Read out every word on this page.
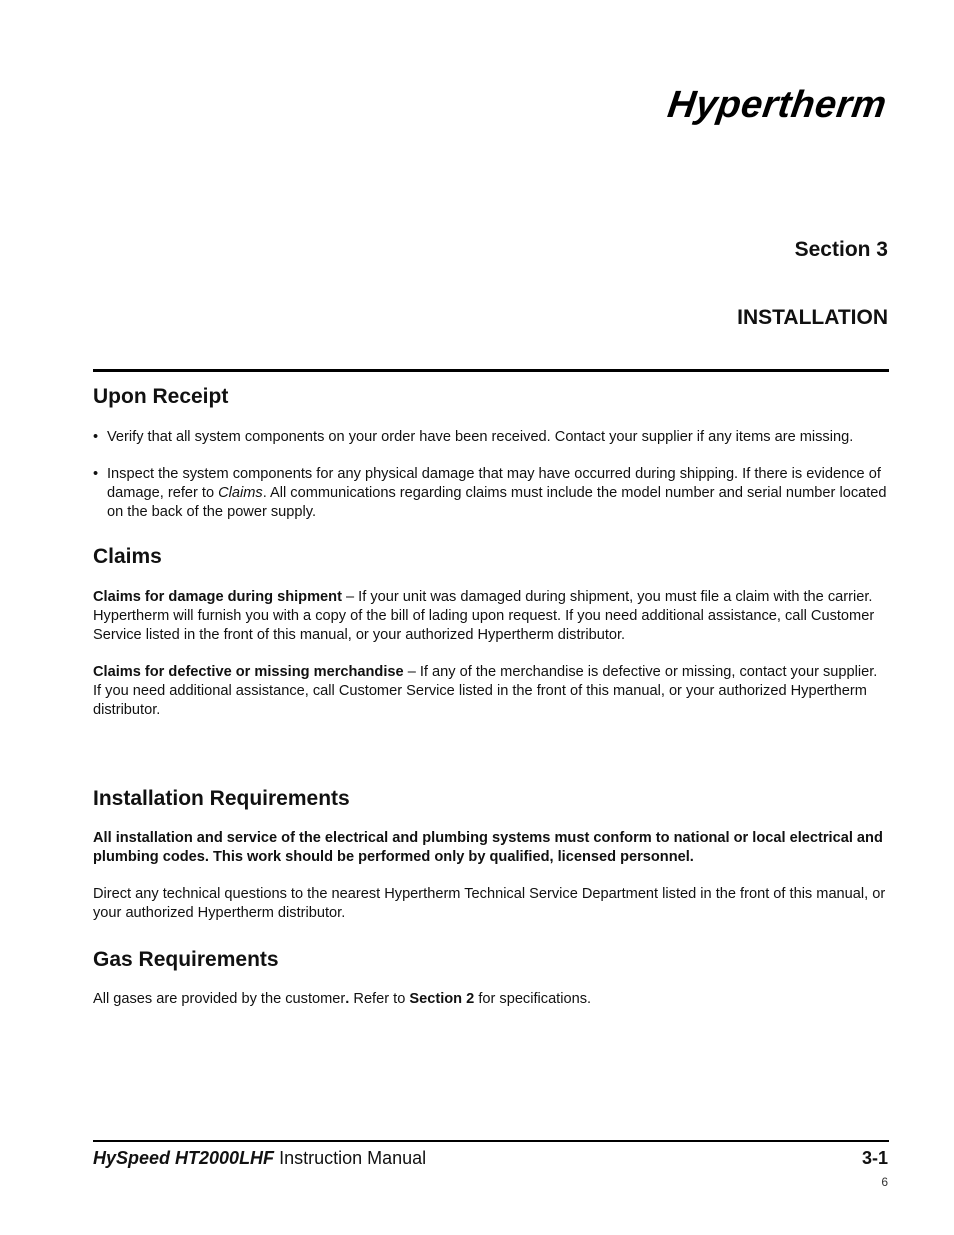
Hypertherm
Section 3
INSTALLATION
Upon Receipt
• Verify that all system components on your order have been received. Contact your supplier if any items are missing.
• Inspect the system components for any physical damage that may have occurred during shipping. If there is evidence of damage, refer to Claims. All communications regarding claims must include the model number and serial number located on the back of the power supply.
Claims

Claims for damage during shipment – If your unit was damaged during shipment, you must file a claim with the carrier. Hypertherm will furnish you with a copy of the bill of lading upon request. If you need additional assistance, call Customer Service listed in the front of this manual, or your authorized Hypertherm distributor.

Claims for defective or missing merchandise – If any of the merchandise is defective or missing, contact your supplier. If you need additional assistance, call Customer Service listed in the front of this manual, or your authorized Hypertherm distributor.

Installation Requirements

All installation and service of the electrical and plumbing systems must conform to national or local electrical and plumbing codes. This work should be performed only by qualified, licensed personnel.

Direct any technical questions to the nearest Hypertherm Technical Service Department listed in the front of this manual, or your authorized Hypertherm distributor.

Gas Requirements

All gases are provided by the customer. Refer to Section 2 for specifications.

HySpeed HT2000LHF Instruction Manual	3-1
6
